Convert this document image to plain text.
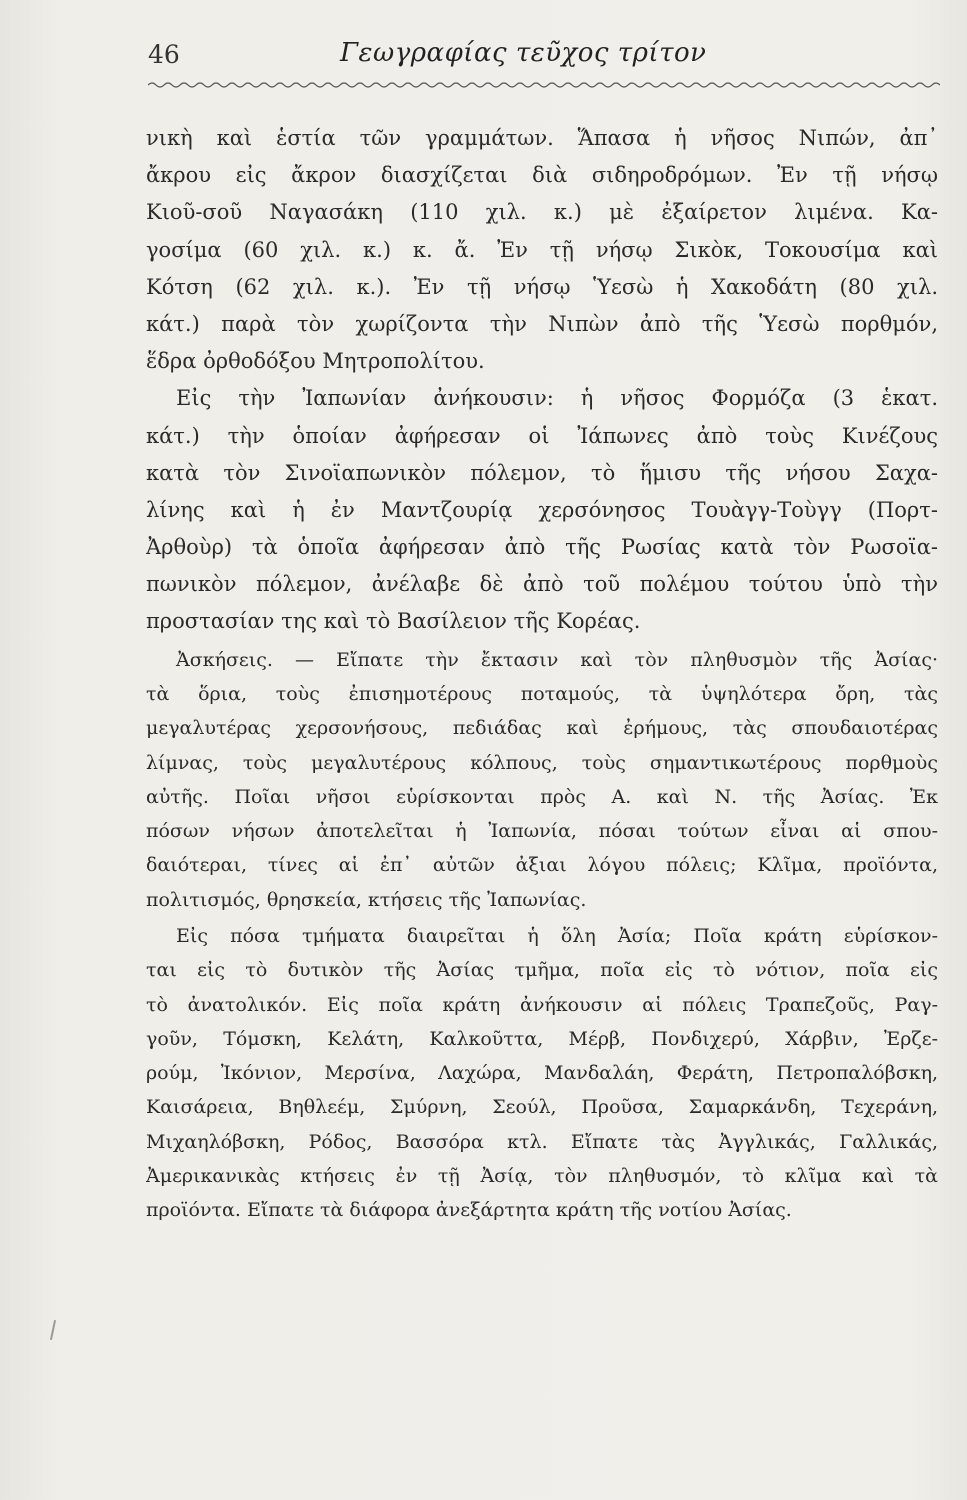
46	Γεωγραφίας τεῦχος τρίτον
νικὴ καὶ ἑστία τῶν γραμμάτων. Ἅπασα ἡ νῆσος Νιπών, ἀπ᾽
ἄκρου εἰς ἄκρον διασχίζεται διὰ σιδηροδρόμων. Ἐν τῇ νήσῳ
Κιοῦ-σοῦ Ναγασάκη (110 χιλ. κ.) μὲ ἐξαίρετον λιμένα. Κα-
γοσίμα (60 χιλ. κ.) κ. ἄ. Ἐν τῇ νήσῳ Σικὸκ, Τοκουσίμα καὶ
Κότση (62 χιλ. κ.). Ἐν τῇ νήσῳ Ὑεσὼ ἡ Χακοδάτη (80 χιλ.
κάτ.) παρὰ τὸν χωρίζοντα τὴν Νιπὼν ἀπὸ τῆς Ὑεσὼ πορθμόν,
ἕδρα ὀρθοδόξου Μητροπολίτου.
Εἰς τὴν Ἰαπωνίαν ἀνήκουσιν: ἡ νῆσος Φορμόζα (3 ἑκατ.
κάτ.) τὴν ὁποίαν ἀφήρεσαν οἱ Ἰάπωνες ἀπὸ τοὺς Κινέζους
κατὰ τὸν Σινοϊαπωνικὸν πόλεμον, τὸ ἥμισυ τῆς νήσου Σαχα-
λίνης καὶ ἡ ἐν Μαντζουρίᾳ χερσόνησος Τουὰγγ-Τοὺγγ (Πορτ-
Ἀρθοὺρ) τὰ ὁποῖα ἀφήρεσαν ἀπὸ τῆς Ρωσίας κατὰ τὸν Ρωσοϊα-
πωνικὸν πόλεμον, ἀνέλαβε δὲ ἀπὸ τοῦ πολέμου τούτου ὑπὸ τὴν
προστασίαν της καὶ τὸ Βασίλειον τῆς Κορέας.
Ἀσκήσεις. — Εἴπατε τὴν ἔκτασιν καὶ τὸν πληθυσμὸν τῆς Ἀσίας·
τὰ ὅρια, τοὺς ἐπισημοτέρους ποταμούς, τὰ ὑψηλότερα ὄρη, τὰς
μεγαλυτέρας χερσονήσους, πεδιάδας καὶ ἐρήμους, τὰς σπουδαιοτέρας
λίμνας, τοὺς μεγαλυτέρους κόλπους, τοὺς σημαντικωτέρους πορθμοὺς
αὐτῆς. Ποῖαι νῆσοι εὑρίσκονται πρὸς Α. καὶ Ν. τῆς Ἀσίας. Ἐκ
πόσων νήσων ἀποτελεῖται ἡ Ἰαπωνία, πόσαι τούτων εἶναι αἱ σπου-
δαιότεραι, τίνες αἱ ἐπ᾽ αὐτῶν ἀξιαι λόγου πόλεις; Κλῖμα, προϊόντα,
πολιτισμός, θρησκεία, κτήσεις τῆς Ἰαπωνίας.
Εἰς πόσα τμήματα διαιρεῖται ἡ ὅλη Ἀσία; Ποῖα κράτη εὑρίσκον-
ται εἰς τὸ δυτικὸν τῆς Ἀσίας τμῆμα, ποῖα εἰς τὸ νότιον, ποῖα εἰς
τὸ ἀνατολικόν. Εἰς ποῖα κράτη ἀνήκουσιν αἱ πόλεις Τραπεζοῦς, Ραγ-
γοῦν, Τόμσκη, Κελάτη, Καλκοῦττα, Μέρβ, Πονδιχερύ, Χάρβιν, Ἐρζε-
ρούμ, Ἰκόνιον, Μερσίνα, Λαχώρα, Μανδαλάη, Φεράτη, Πετροπαλόβσκη,
Καισάρεια, Βηθλεέμ, Σμύρνη, Σεούλ, Προῦσα, Σαμαρκάνδη, Τεχεράνη,
Μιχαηλόβσκη, Ρόδος, Βασσόρα κτλ. Εἴπατε τὰς Ἀγγλικάς, Γαλλικάς,
Ἀμερικανικὰς κτήσεις ἐν τῇ Ἀσίᾳ, τὸν πληθυσμόν, τὸ κλῖμα καὶ τὰ
προϊόντα. Εἴπατε τὰ διάφορα ἀνεξάρτητα κράτη τῆς νοτίου Ἀσίας.
